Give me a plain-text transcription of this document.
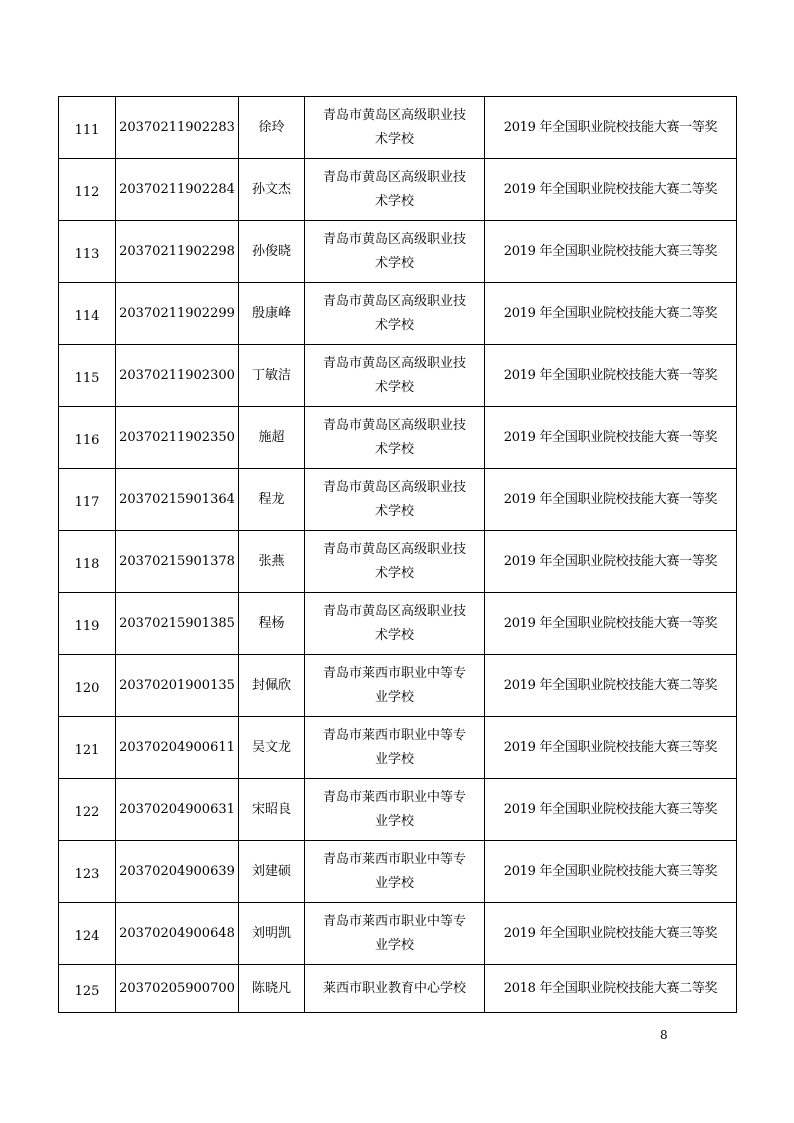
111	20370211902283	徐玲	青岛市黄岛区高级职业技术学校	2019 年全国职业院校技能大赛一等奖
112	20370211902284	孙文杰	青岛市黄岛区高级职业技术学校	2019 年全国职业院校技能大赛二等奖
113	20370211902298	孙俊晓	青岛市黄岛区高级职业技术学校	2019 年全国职业院校技能大赛三等奖
114	20370211902299	殷康峰	青岛市黄岛区高级职业技术学校	2019 年全国职业院校技能大赛二等奖
115	20370211902300	丁敏洁	青岛市黄岛区高级职业技术学校	2019 年全国职业院校技能大赛一等奖
116	20370211902350	施超	青岛市黄岛区高级职业技术学校	2019 年全国职业院校技能大赛一等奖
117	20370215901364	程龙	青岛市黄岛区高级职业技术学校	2019 年全国职业院校技能大赛一等奖
118	20370215901378	张燕	青岛市黄岛区高级职业技术学校	2019 年全国职业院校技能大赛一等奖
119	20370215901385	程杨	青岛市黄岛区高级职业技术学校	2019 年全国职业院校技能大赛一等奖
120	20370201900135	封佩欣	青岛市莱西市职业中等专业学校	2019 年全国职业院校技能大赛二等奖
121	20370204900611	吴文龙	青岛市莱西市职业中等专业学校	2019 年全国职业院校技能大赛三等奖
122	20370204900631	宋昭良	青岛市莱西市职业中等专业学校	2019 年全国职业院校技能大赛三等奖
123	20370204900639	刘建硕	青岛市莱西市职业中等专业学校	2019 年全国职业院校技能大赛三等奖
124	20370204900648	刘明凯	青岛市莱西市职业中等专业学校	2019 年全国职业院校技能大赛三等奖
125	20370205900700	陈晓凡	莱西市职业教育中心学校	2018 年全国职业院校技能大赛二等奖
8
